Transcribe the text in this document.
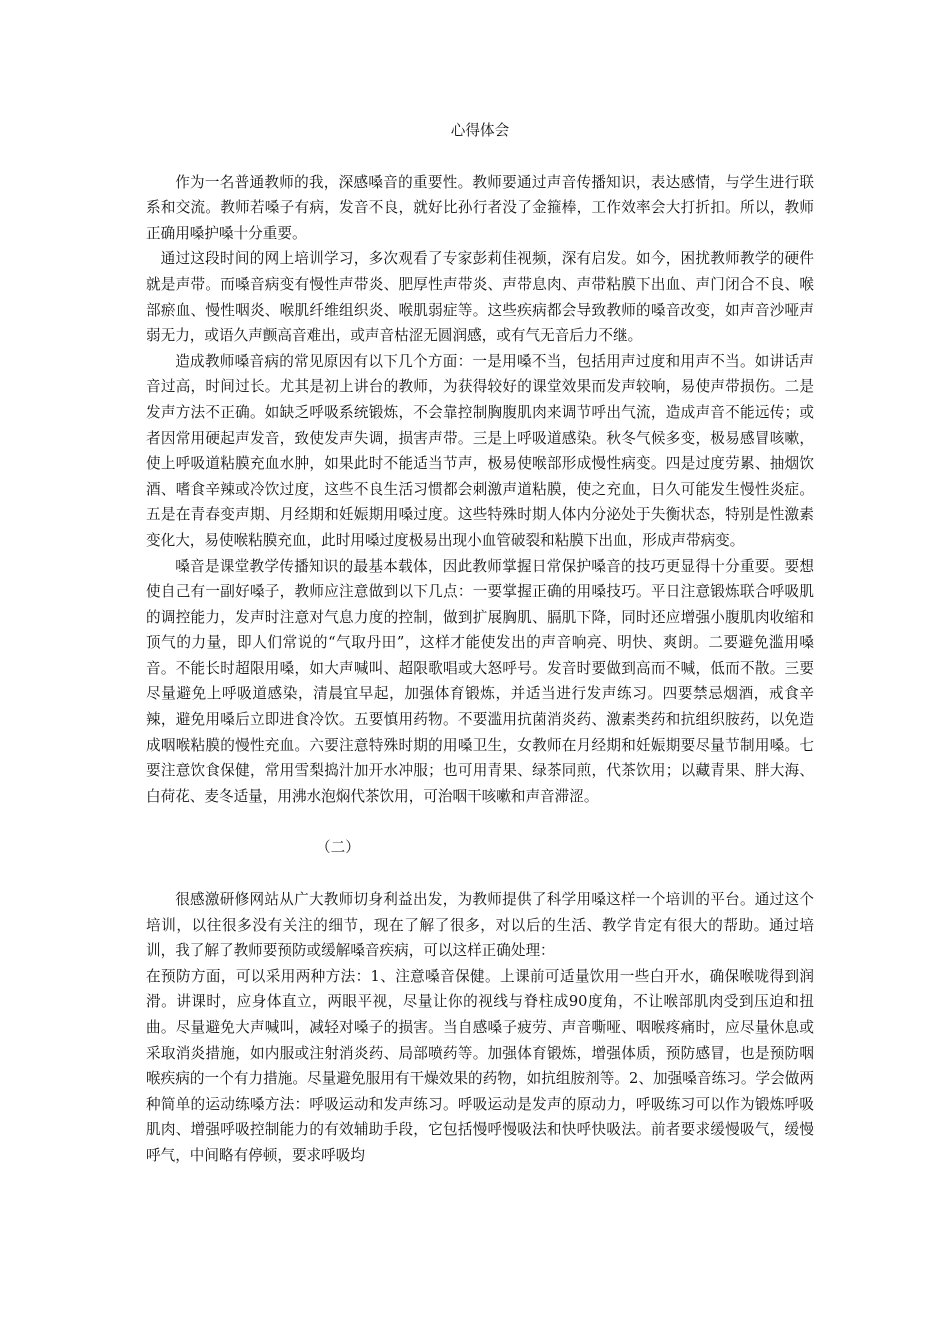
心得体会

作为一名普通教师的我，深感嗓音的重要性。教师要通过声音传播知识，表达感情，与学生进行联系和交流。教师若嗓子有病，发音不良，就好比孙行者没了金箍棒，工作效率会大打折扣。所以，教师正确用嗓护嗓十分重要。

通过这段时间的网上培训学习，多次观看了专家彭莉佳视频，深有启发。如今，困扰教师教学的硬件就是声带。而嗓音病变有慢性声带炎、肥厚性声带炎、声带息肉、声带粘膜下出血、声门闭合不良、喉部瘀血、慢性咽炎、喉肌纤维组织炎、喉肌弱症等。这些疾病都会导致教师的嗓音改变，如声音沙哑声弱无力，或语久声颤高音难出，或声音枯涩无圆润感，或有气无音后力不继。

造成教师嗓音病的常见原因有以下几个方面：一是用嗓不当，包括用声过度和用声不当。如讲话声音过高，时间过长。尤其是初上讲台的教师，为获得较好的课堂效果而发声较响，易使声带损伤。二是发声方法不正确。如缺乏呼吸系统锻炼，不会靠控制胸腹肌肉来调节呼出气流，造成声音不能远传；或者因常用硬起声发音，致使发声失调，损害声带。三是上呼吸道感染。秋冬气候多变，极易感冒咳嗽，使上呼吸道粘膜充血水肿，如果此时不能适当节声，极易使喉部形成慢性病变。四是过度劳累、抽烟饮酒、嗜食辛辣或冷饮过度，这些不良生活习惯都会刺激声道粘膜，使之充血，日久可能发生慢性炎症。五是在青春变声期、月经期和妊娠期用嗓过度。这些特殊时期人体内分泌处于失衡状态，特别是性激素变化大，易使喉粘膜充血，此时用嗓过度极易出现小血管破裂和粘膜下出血，形成声带病变。

嗓音是课堂教学传播知识的最基本载体，因此教师掌握日常保护嗓音的技巧更显得十分重要。要想使自己有一副好嗓子，教师应注意做到以下几点：一要掌握正确的用嗓技巧。平日注意锻炼联合呼吸肌的调控能力，发声时注意对气息力度的控制，做到扩展胸肌、膈肌下降，同时还应增强小腹肌肉收缩和顶气的力量，即人们常说的“气取丹田”，这样才能使发出的声音响亮、明快、爽朗。二要避免滥用嗓音。不能长时超限用嗓，如大声喊叫、超限歌唱或大怒呼号。发音时要做到高而不喊，低而不散。三要尽量避免上呼吸道感染，清晨宜早起，加强体育锻炼，并适当进行发声练习。四要禁忌烟酒，戒食辛辣，避免用嗓后立即进食冷饮。五要慎用药物。不要滥用抗菌消炎药、激素类药和抗组织胺药，以免造成咽喉粘膜的慢性充血。六要注意特殊时期的用嗓卫生，女教师在月经期和妊娠期要尽量节制用嗓。七要注意饮食保健，常用雪梨捣汁加开水冲服；也可用青果、绿茶同煎，代茶饮用；以藏青果、胖大海、白荷花、麦冬适量，用沸水泡焖代茶饮用，可治咽干咳嗽和声音滞涩。

（二）

很感激研修网站从广大教师切身利益出发，为教师提供了科学用嗓这样一个培训的平台。通过这个培训，以往很多没有关注的细节，现在了解了很多，对以后的生活、教学肯定有很大的帮助。通过培训，我了解了教师要预防或缓解嗓音疾病，可以这样正确处理：

在预防方面，可以采用两种方法：1、注意嗓音保健。上课前可适量饮用一些白开水，确保喉咙得到润滑。讲课时，应身体直立，两眼平视，尽量让你的视线与脊柱成90度角，不让喉部肌肉受到压迫和扭曲。尽量避免大声喊叫，减轻对嗓子的损害。当自感嗓子疲劳、声音嘶哑、咽喉疼痛时，应尽量休息或采取消炎措施，如内服或注射消炎药、局部喷药等。加强体育锻炼，增强体质，预防感冒，也是预防咽喉疾病的一个有力措施。尽量避免服用有干燥效果的药物，如抗组胺剂等。2、加强嗓音练习。学会做两种简单的运动练嗓方法：呼吸运动和发声练习。呼吸运动是发声的原动力，呼吸练习可以作为锻炼呼吸肌肉、增强呼吸控制能力的有效辅助手段，它包括慢呼慢吸法和快呼快吸法。前者要求缓慢吸气，缓慢呼气，中间略有停顿，要求呼吸均
